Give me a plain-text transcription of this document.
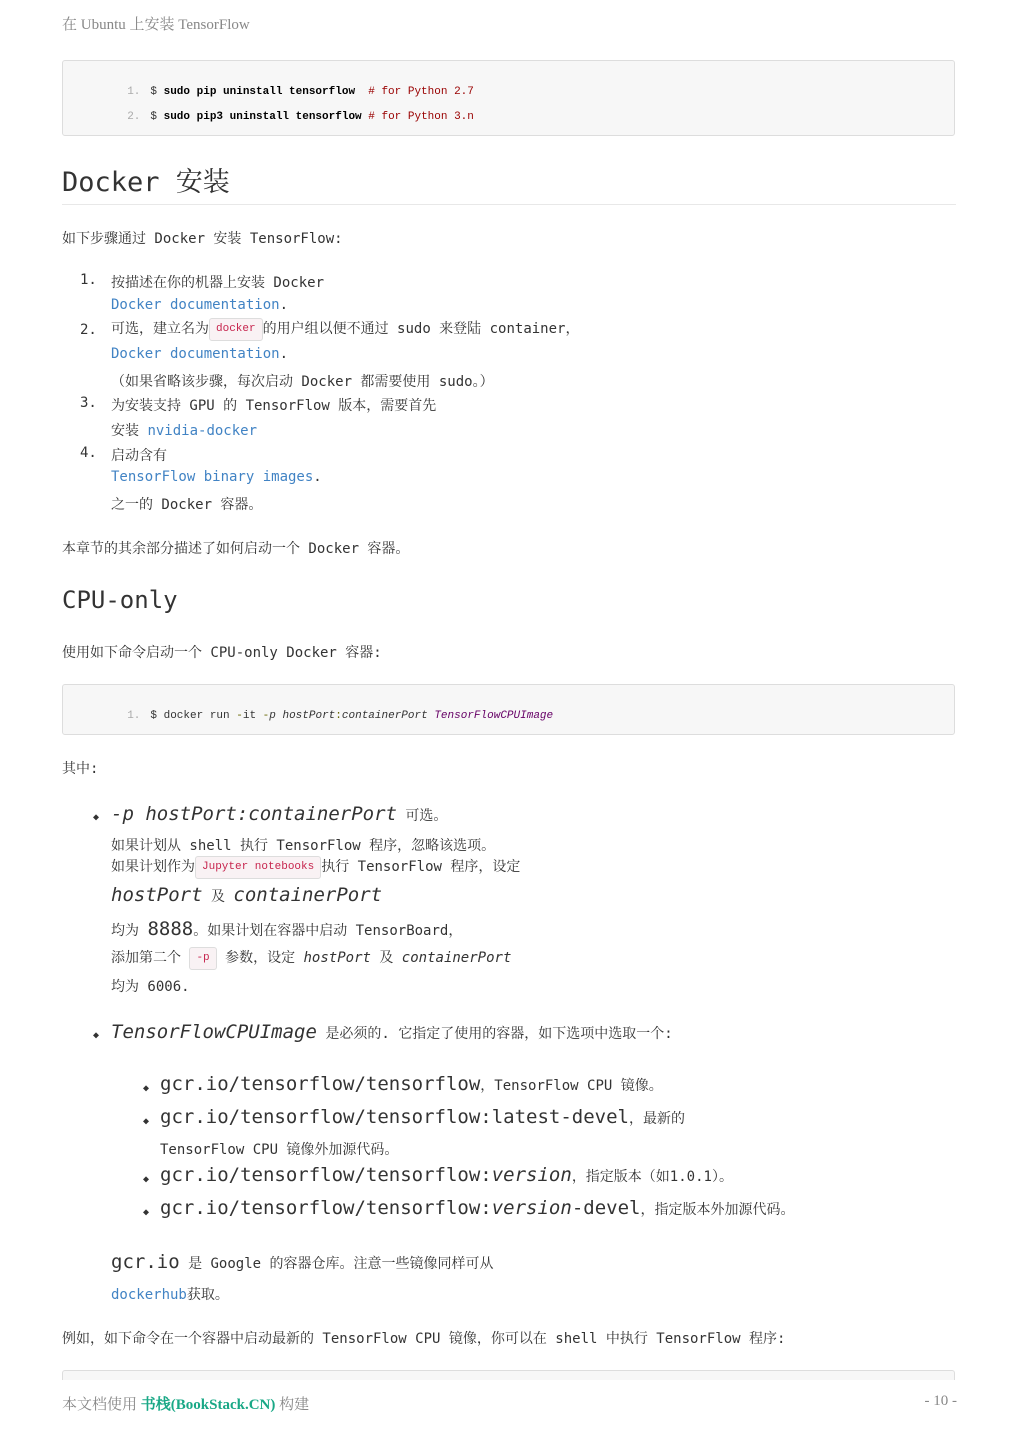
在 Ubuntu 上安装 TensorFlow

1. $ sudo pip uninstall tensorflow # for Python 2.7

2. $ sudo pip3 uninstall tensorflow # for Python 3.n

Docker 安装
如下步骤通过 Docker 安装 TensorFlow:
1. 按描述在你的机器上安装 Docker
Docker documentation.
2. 可选，建立名为 docker 的用户组以便不通过 sudo 来登陆 container，
Docker documentation.
（如果省略该步骤，每次启动 Docker 都需要使用 sudo。）
3. 为安装支持 GPU 的 TensorFlow 版本，需要首先
安装 nvidia-docker
4. 启动含有
TensorFlow binary images.
之一的 Docker 容器。
本章节的其余部分描述了如何启动一个 Docker 容器。
CPU-only
使用如下命令启动一个 CPU-only Docker 容器:

1. $ docker run -it -p hostPort:containerPort TensorFlowCPUImage

其中:
◆ -p hostPort:containerPort 可选。
如果计划从 shell 执行 TensorFlow 程序，忽略该选项。
如果计划作为 Jupyter notebooks 执行 TensorFlow 程序，设定
hostPort 及 containerPort
均为 8888。如果计划在容器中启动 TensorBoard，
添加第二个 -p 参数，设定 hostPort 及 containerPort
均为 6006.
◆ TensorFlowCPUImage 是必须的. 它指定了使用的容器，如下选项中选取一个:
◆ gcr.io/tensorflow/tensorflow，TensorFlow CPU 镜像。
◆ gcr.io/tensorflow/tensorflow:latest-devel，最新的
TensorFlow CPU 镜像外加源代码。
◆ gcr.io/tensorflow/tensorflow:version，指定版本（如1.0.1）。
◆ gcr.io/tensorflow/tensorflow:version-devel，指定版本外加源代码。
gcr.io 是 Google 的容器仓库。注意一些镜像同样可从
dockerhub获取。
例如，如下命令在一个容器中启动最新的 TensorFlow CPU 镜像，你可以在 shell 中执行 TensorFlow 程序:
本文档使用 书栈(BookStack.CN) 构建	- 10 -
